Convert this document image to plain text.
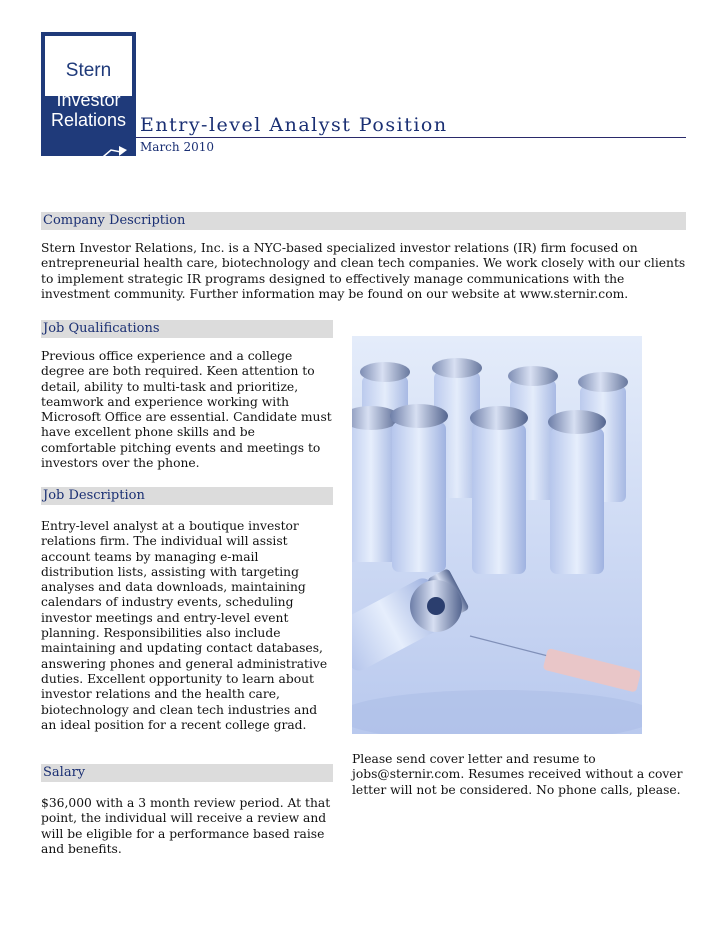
Stern
Investor
Relations Entry-level Analyst Position
March 2010
Company Description
Stern Investor Relations, Inc. is a NYC-based specialized investor relations (IR) firm focused on entrepreneurial health care, biotechnology and clean tech companies. We work closely with our clients to implement strategic IR programs designed to effectively manage communications with the investment community. Further information may be found on our website at www.sternir.com.
Job Qualifications
Previous office experience and a college degree are both required. Keen attention to detail, ability to multi-task and prioritize, teamwork and experience working with Microsoft Office are essential. Candidate must have excellent phone skills and be comfortable pitching events and meetings to investors over the phone.
Job Description
Entry-level analyst at a boutique investor relations firm. The individual will assist account teams by managing e-mail distribution lists, assisting with targeting analyses and data downloads, maintaining calendars of industry events, scheduling investor meetings and entry-level event planning. Responsibilities also include maintaining and updating contact databases, answering phones and general administrative duties. Excellent opportunity to learn about investor relations and the health care, biotechnology and clean tech industries and an ideal position for a recent college grad.
Salary
$36,000 with a 3 month review period. At that point, the individual will receive a review and will be eligible for a performance based raise and benefits.
Please send cover letter and resume to jobs@sternir.com. Resumes received without a cover letter will not be considered. No phone calls, please.
